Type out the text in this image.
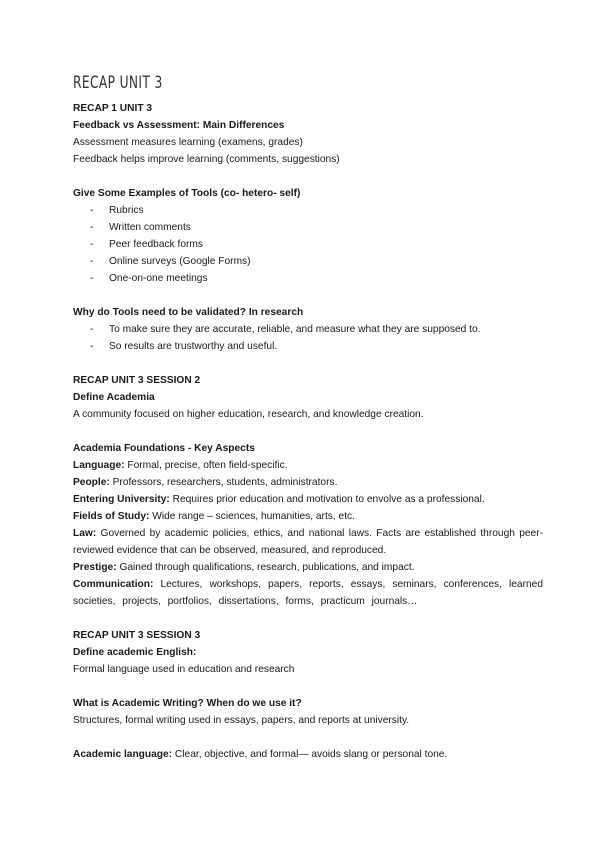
RECAP UNIT 3
RECAP 1 UNIT 3
Feedback vs Assessment: Main Differences
Assessment measures learning (examens, grades)
Feedback helps improve learning (comments, suggestions)
Give Some Examples of Tools (co- hetero- self)
- Rubrics
- Written comments
- Peer feedback forms
- Online surveys (Google Forms)
- One-on-one meetings
Why do Tools need to be validated? In research
- To make sure they are accurate, reliable, and measure what they are supposed to.
- So results are trustworthy and useful.
RECAP UNIT 3 SESSION 2
Define Academia
A community focused on higher education, research, and knowledge creation.
Academia Foundations - Key Aspects
Language: Formal, precise, often field-specific.
People: Professors, researchers, students, administrators.
Entering University: Requires prior education and motivation to envolve as a professional.
Fields of Study: Wide range – sciences, humanities, arts, etc.
Law: Governed by academic policies, ethics, and national laws. Facts are established through peer-reviewed evidence that can be observed, measured, and reproduced.
Prestige: Gained through qualifications, research, publications, and impact.
Communication: Lectures, workshops, papers, reports, essays, seminars, conferences, learned societies, projects, portfolios, dissertations, forms, practicum journals…
RECAP UNIT 3 SESSION 3
Define academic English:
Formal language used in education and research
What is Academic Writing? When do we use it?
Structures, formal writing used in essays, papers, and reports at university.
Academic language: Clear, objective, and formal— avoids slang or personal tone.
